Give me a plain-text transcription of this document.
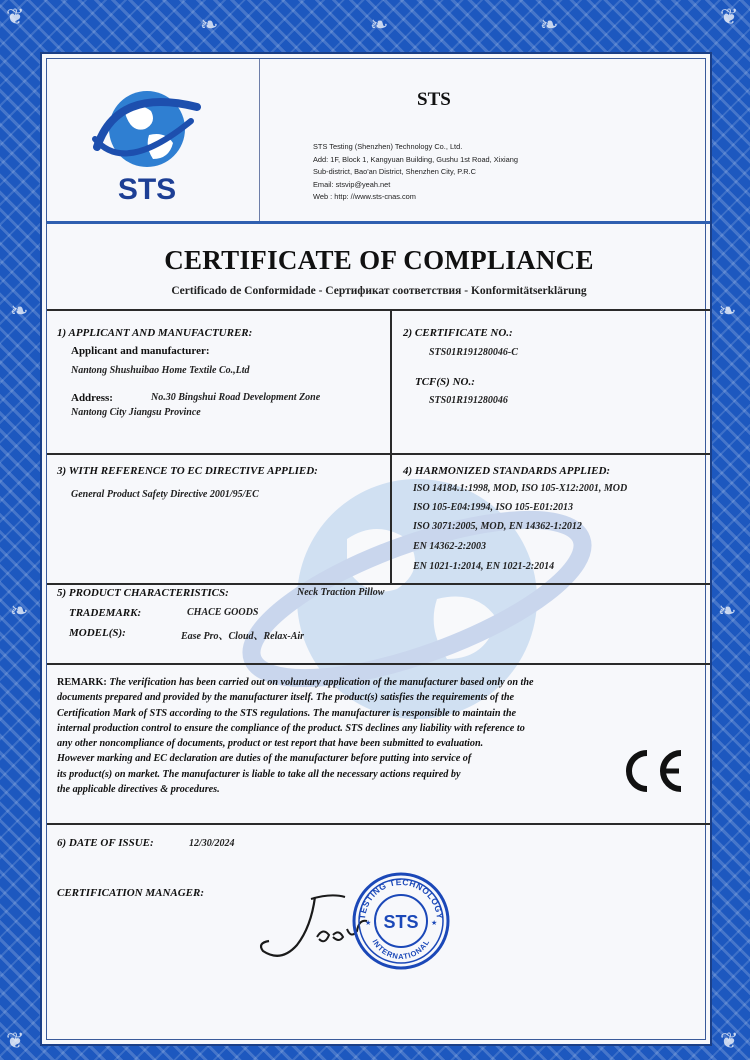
❦	❦
❦	❦
❧	❧	❧
❧
❧
❧
❧
STS
STS
STS Testing (Shenzhen) Technology Co., Ltd.
Add: 1F, Block 1, Kangyuan Building, Gushu 1st Road, Xixiang
Sub-district, Bao'an District, Shenzhen City, P.R.C
Email: stsvip@yeah.net
Web : http: //www.sts-cnas.com
CERTIFICATE OF COMPLIANCE
Certificado de Conformidade - Сертификат соответствия - Konformitätserklärung
1) APPLICANT AND MANUFACTURER:
Applicant and manufacturer:
Nantong Shushuibao Home Textile Co.,Ltd
Address:	No.30 Bingshui Road Development Zone
Nantong City Jiangsu Province
2) CERTIFICATE NO.:
STS01R191280046-C
TCF(S) NO.:
STS01R191280046
3) WITH REFERENCE TO EC DIRECTIVE APPLIED:
General Product Safety Directive 2001/95/EC
4) HARMONIZED STANDARDS APPLIED:
ISO 14184.1:1998, MOD, ISO 105-X12:2001, MOD
ISO 105-E04:1994, ISO 105-E01:2013
ISO 3071:2005, MOD, EN 14362-1:2012
EN 14362-2:2003
EN 1021-1:2014, EN 1021-2:2014
5) PRODUCT CHARACTERISTICS:	Neck Traction Pillow
TRADEMARK:	CHACE GOODS
MODEL(S):	Ease Pro、Cloud、Relax-Air
REMARK: The verification has been carried out on voluntary application of the manufacturer based only on the
documents prepared and provided by the manufacturer itself. The product(s) satisfies the requirements of the
Certification Mark of STS according to the STS regulations. The manufacturer is responsible to maintain the
internal production control to ensure the compliance of the product. STS declines any liability with reference to
any other noncompliance of documents, product or test report that have been submitted to evaluation.
However marking and EC declaration are duties of the manufacturer before putting into service of
its product(s) on market. The manufacturer is liable to take all the necessary actions required by
the applicable directives & procedures.
6) DATE OF ISSUE:	12/30/2024
CERTIFICATION MANAGER:
TESTING TECHNOLOGY
INTERNATIONAL
STS
★	★
